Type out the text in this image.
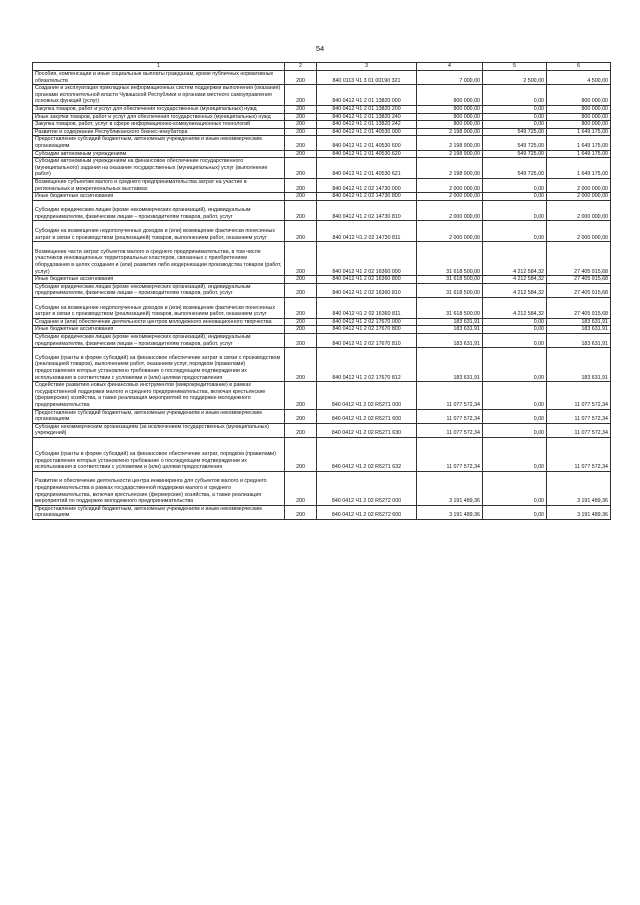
54
1	2	3	4	5	6
Пособия, компенсации и иные социальные выплаты гражданам, кроме публичных нормативных обязательств	200	840 0113 Ч1 3 01 00190 321	7 000,00	2 500,00	4 500,00
Создание и эксплуатация прикладных информационных систем поддержки выполнения (оказания) органами исполнительной власти Чувашской Республики и органами местного самоуправления основных функций (услуг)	200	840 0412 Ч1 2 01 13820 000	800 000,00	0,00	800 000,00
Закупка товаров, работ и услуг для обеспечения государственных (муниципальных) нужд	200	840 0412 Ч1 2 01 13820 200	800 000,00	0,00	800 000,00
Иные закупки товаров, работ и услуг для обеспечения государственных (муниципальных) нужд	200	840 0412 Ч1 2 01 13820 240	800 000,00	0,00	800 000,00
Закупка товаров, работ, услуг в сфере информационно-коммуникационных технологий	200	840 0412 Ч1 2 01 13820 242	800 000,00	0,00	800 000,00
Развитие и содержание Республиканского бизнес-инкубатора	200	840 0412 Ч1 2 01 40530 000	2 198 900,00	549 725,00	1 649 175,00
Предоставление субсидий бюджетным, автономным учреждениям и иным некоммерческим организациям	200	840 0412 Ч1 2 01 40530 600	2 198 900,00	549 725,00	1 649 175,00
Субсидии автономным учреждениям	200	840 0412 Ч1 2 01 40530 620	2 198 900,00	549 725,00	1 649 175,00
Субсидии автономным учреждениям на финансовое обеспечение государственного (муниципального) задания на оказание государственных (муниципальных) услуг (выполнение работ)	200	840 0412 Ч1 2 01 40530 621	2 198 900,00	549 725,00	1 649 175,00
Возмещение субъектам малого и среднего предпринимательства затрат на участие в региональных и межрегиональных выставках	200	840 0412 Ч1 2 02 14730 000	2 000 000,00	0,00	2 000 000,00
Иные бюджетные ассигнования	200	840 0412 Ч1 2 02 14730 800	2 000 000,00	0,00	2 000 000,00
Субсидии юридическим лицам (кроме некоммерческих организаций), индивидуальным предпринимателям, физическим лицам – производителям товаров, работ, услуг	200	840 0412 Ч1 2 02 14730 810	2 000 000,00	0,00	2 000 000,00
Субсидии на возмещение недополученных доходов и (или) возмещение фактически понесенных затрат в связи с производством (реализацией) товаров, выполнением работ, оказанием услуг	200	840 0412 Ч1 2 02 14730 811	2 000 000,00	0,00	2 000 000,00
Возмещение части затрат субъектов малого и среднего предпринимательства, в том числе участников инновационных территориальных кластеров, связанных с приобретением оборудования в целях создания и (или) развития либо модернизации производства товаров (работ, услуг)	200	840 0412 Ч1 2 02 16360 000	31 618 500,00	4 212 584,32	27 405 915,68
Иные бюджетные ассигнования	200	840 0412 Ч1 2 02 16360 800	31 618 500,00	4 212 584,32	27 405 915,68
Субсидии юридическим лицам (кроме некоммерческих организаций), индивидуальным предпринимателям, физическим лицам – производителям товаров, работ, услуг	200	840 0412 Ч1 2 02 16360 810	31 618 500,00	4 212 584,32	27 405 915,68
Субсидии на возмещение недополученных доходов и (или) возмещение фактически понесенных затрат в связи с производством (реализацией) товаров, выполнением работ, оказанием услуг	200	840 0412 Ч1 2 02 16360 811	31 618 500,00	4 212 584,32	27 405 915,68
Создание и (или) обеспечение деятельности центров молодежного инновационного творчества	200	840 0412 Ч1 2 02 17670 000	183 631,91	0,00	183 631,91
Иные бюджетные ассигнования	200	840 0412 Ч1 2 02 17670 800	183 631,91	0,00	183 631,91
Субсидии юридическим лицам (кроме некоммерческих организаций), индивидуальным предпринимателям, физическим лицам – производителям товаров, работ, услуг	200	840 0412 Ч1 2 02 17670 810	183 631,91	0,00	183 631,91
Субсидии (гранты в форме субсидий) на финансовое обеспечение затрат в связи с производством (реализацией товаров), выполнением работ, оказанием услуг, порядком (правилами) предоставления которых установлено требование о последующем подтверждении их использования в соответствии с условиями и (или) целями предоставления	200	840 0412 Ч1 2 02 17670 812	183 631,91	0,00	183 631,91
Содействие развитию новых финансовых инструментов (микрокредитование) в рамках государственной поддержки малого и среднего предпринимательства, включая крестьянские (фермерские) хозяйства, а также реализация мероприятий по поддержке молодежного предпринимательства	200	840 0412 Ч1 2 02 R5271 000	11 077 572,34	0,00	11 077 572,34
Предоставление субсидий бюджетным, автономным учреждениям и иным некоммерческим организациям	200	840 0412 Ч1 2 02 R5271 600	11 077 572,34	0,00	11 077 572,34
Субсидии некоммерческим организациям (за исключением государственных (муниципальных) учреждений)	200	840 0412 Ч1 2 02 R5271 630	11 077 572,34	0,00	11 077 572,34
Субсидии (гранты в форме субсидий) на финансовое обеспечение затрат, порядком (правилами) предоставления которых установлено требование о последующем подтверждении их использования в соответствии с условиями и (или) целями предоставления	200	840 0412 Ч1 2 02 R5271 632	11 077 572,34	0,00	11 077 572,34
Развитие и обеспечение деятельности центра инжиниринга для субъектов малого и среднего предпринимательства в рамках государственной поддержки малого и среднего предпринимательства, включая крестьянские (фермерские) хозяйства, а также реализация мероприятий по поддержке молодежного предпринимательства	200	840 0412 Ч1 2 02 R5272 000	3 191 489,36	0,00	3 191 489,36
Предоставление субсидий бюджетным, автономным учреждениям и иным некоммерческим организациям	200	840 0412 Ч1 2 02 R5272 600	3 191 489,36	0,00	3 191 489,36
